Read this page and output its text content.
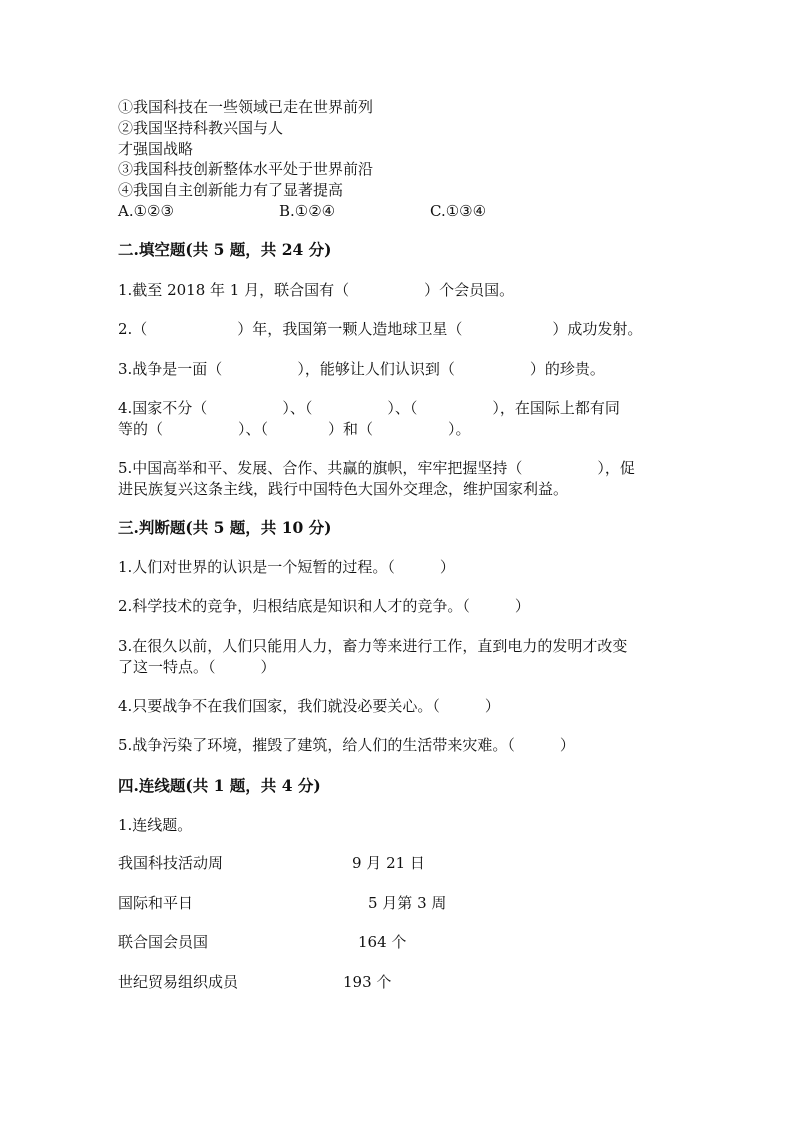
①我国科技在一些领域已走在世界前列
②我国坚持科教兴国与人
才强国战略
③我国科技创新整体水平处于世界前沿
④我国自主创新能力有了显著提高
A.①②③	B.①②④	C.①③④
二.填空题(共 5 题，共 24 分)
1.截至 2018 年 1 月，联合国有（　　　　　）个会员国。
2.（　　　　　　）年，我国第一颗人造地球卫星（　　　　　　）成功发射。
3.战争是一面（　　　　　），能够让人们认识到（　　　　　）的珍贵。
4.国家不分（　　　　　）、（　　　　　）、（　　　　　），在国际上都有同
等的（　　　　　）、（　　　　）和（　　　　　）。
5.中国高举和平、发展、合作、共赢的旗帜，牢牢把握坚持（　　　　　），促
进民族复兴这条主线，践行中国特色大国外交理念，维护国家利益。
三.判断题(共 5 题，共 10 分)
1.人们对世界的认识是一个短暂的过程。（　　　）
2.科学技术的竞争，归根结底是知识和人才的竞争。（　　　）
3.在很久以前，人们只能用人力，畜力等来进行工作，直到电力的发明才改变
了这一特点。（　　　）
4.只要战争不在我们国家，我们就没必要关心。（　　　）
5.战争污染了环境，摧毁了建筑，给人们的生活带来灾难。（　　　）
四.连线题(共 1 题，共 4 分)
1.连线题。
我国科技活动周	9 月 21 日
国际和平日	5 月第 3 周
联合国会员国	164 个
世纪贸易组织成员	193 个
